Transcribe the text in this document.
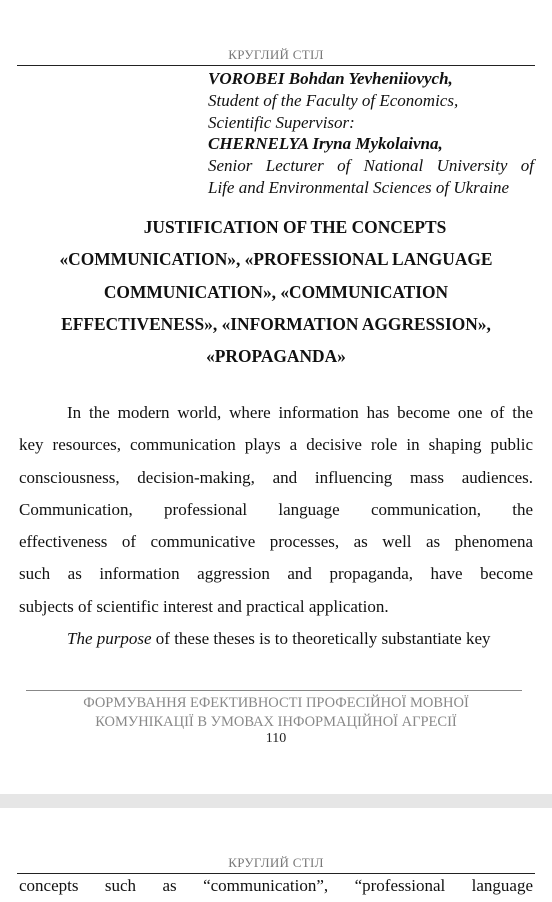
КРУГЛИЙ СТІЛ
VOROBEI Bohdan Yevheniiovych,
Student of the Faculty of Economics,
Scientific Supervisor:
CHERNELYA Iryna Mykolaivna,
Senior Lecturer of National University of
Life and Environmental Sciences of Ukraine
JUSTIFICATION OF THE CONCEPTS
«COMMUNICATION», «PROFESSIONAL LANGUAGE
COMMUNICATION», «COMMUNICATION
EFFECTIVENESS», «INFORMATION AGGRESSION»,
«PROPAGANDA»
In the modern world, where information has become one of the
key resources, communication plays a decisive role in shaping public
consciousness, decision-making, and influencing mass audiences.
Communication, professional language communication, the
effectiveness of communicative processes, as well as phenomena
such as information aggression and propaganda, have become
subjects of scientific interest and practical application.
The purpose of these theses is to theoretically substantiate key
ФОРМУВАННЯ ЕФЕКТИВНОСТІ ПРОФЕСІЙНОЇ МОВНОЇ
КОМУНІКАЦІЇ В УМОВАХ ІНФОРМАЦІЙНОЇ АГРЕСІЇ
110
КРУГЛИЙ СТІЛ
concepts such as “communication”, “professional language
